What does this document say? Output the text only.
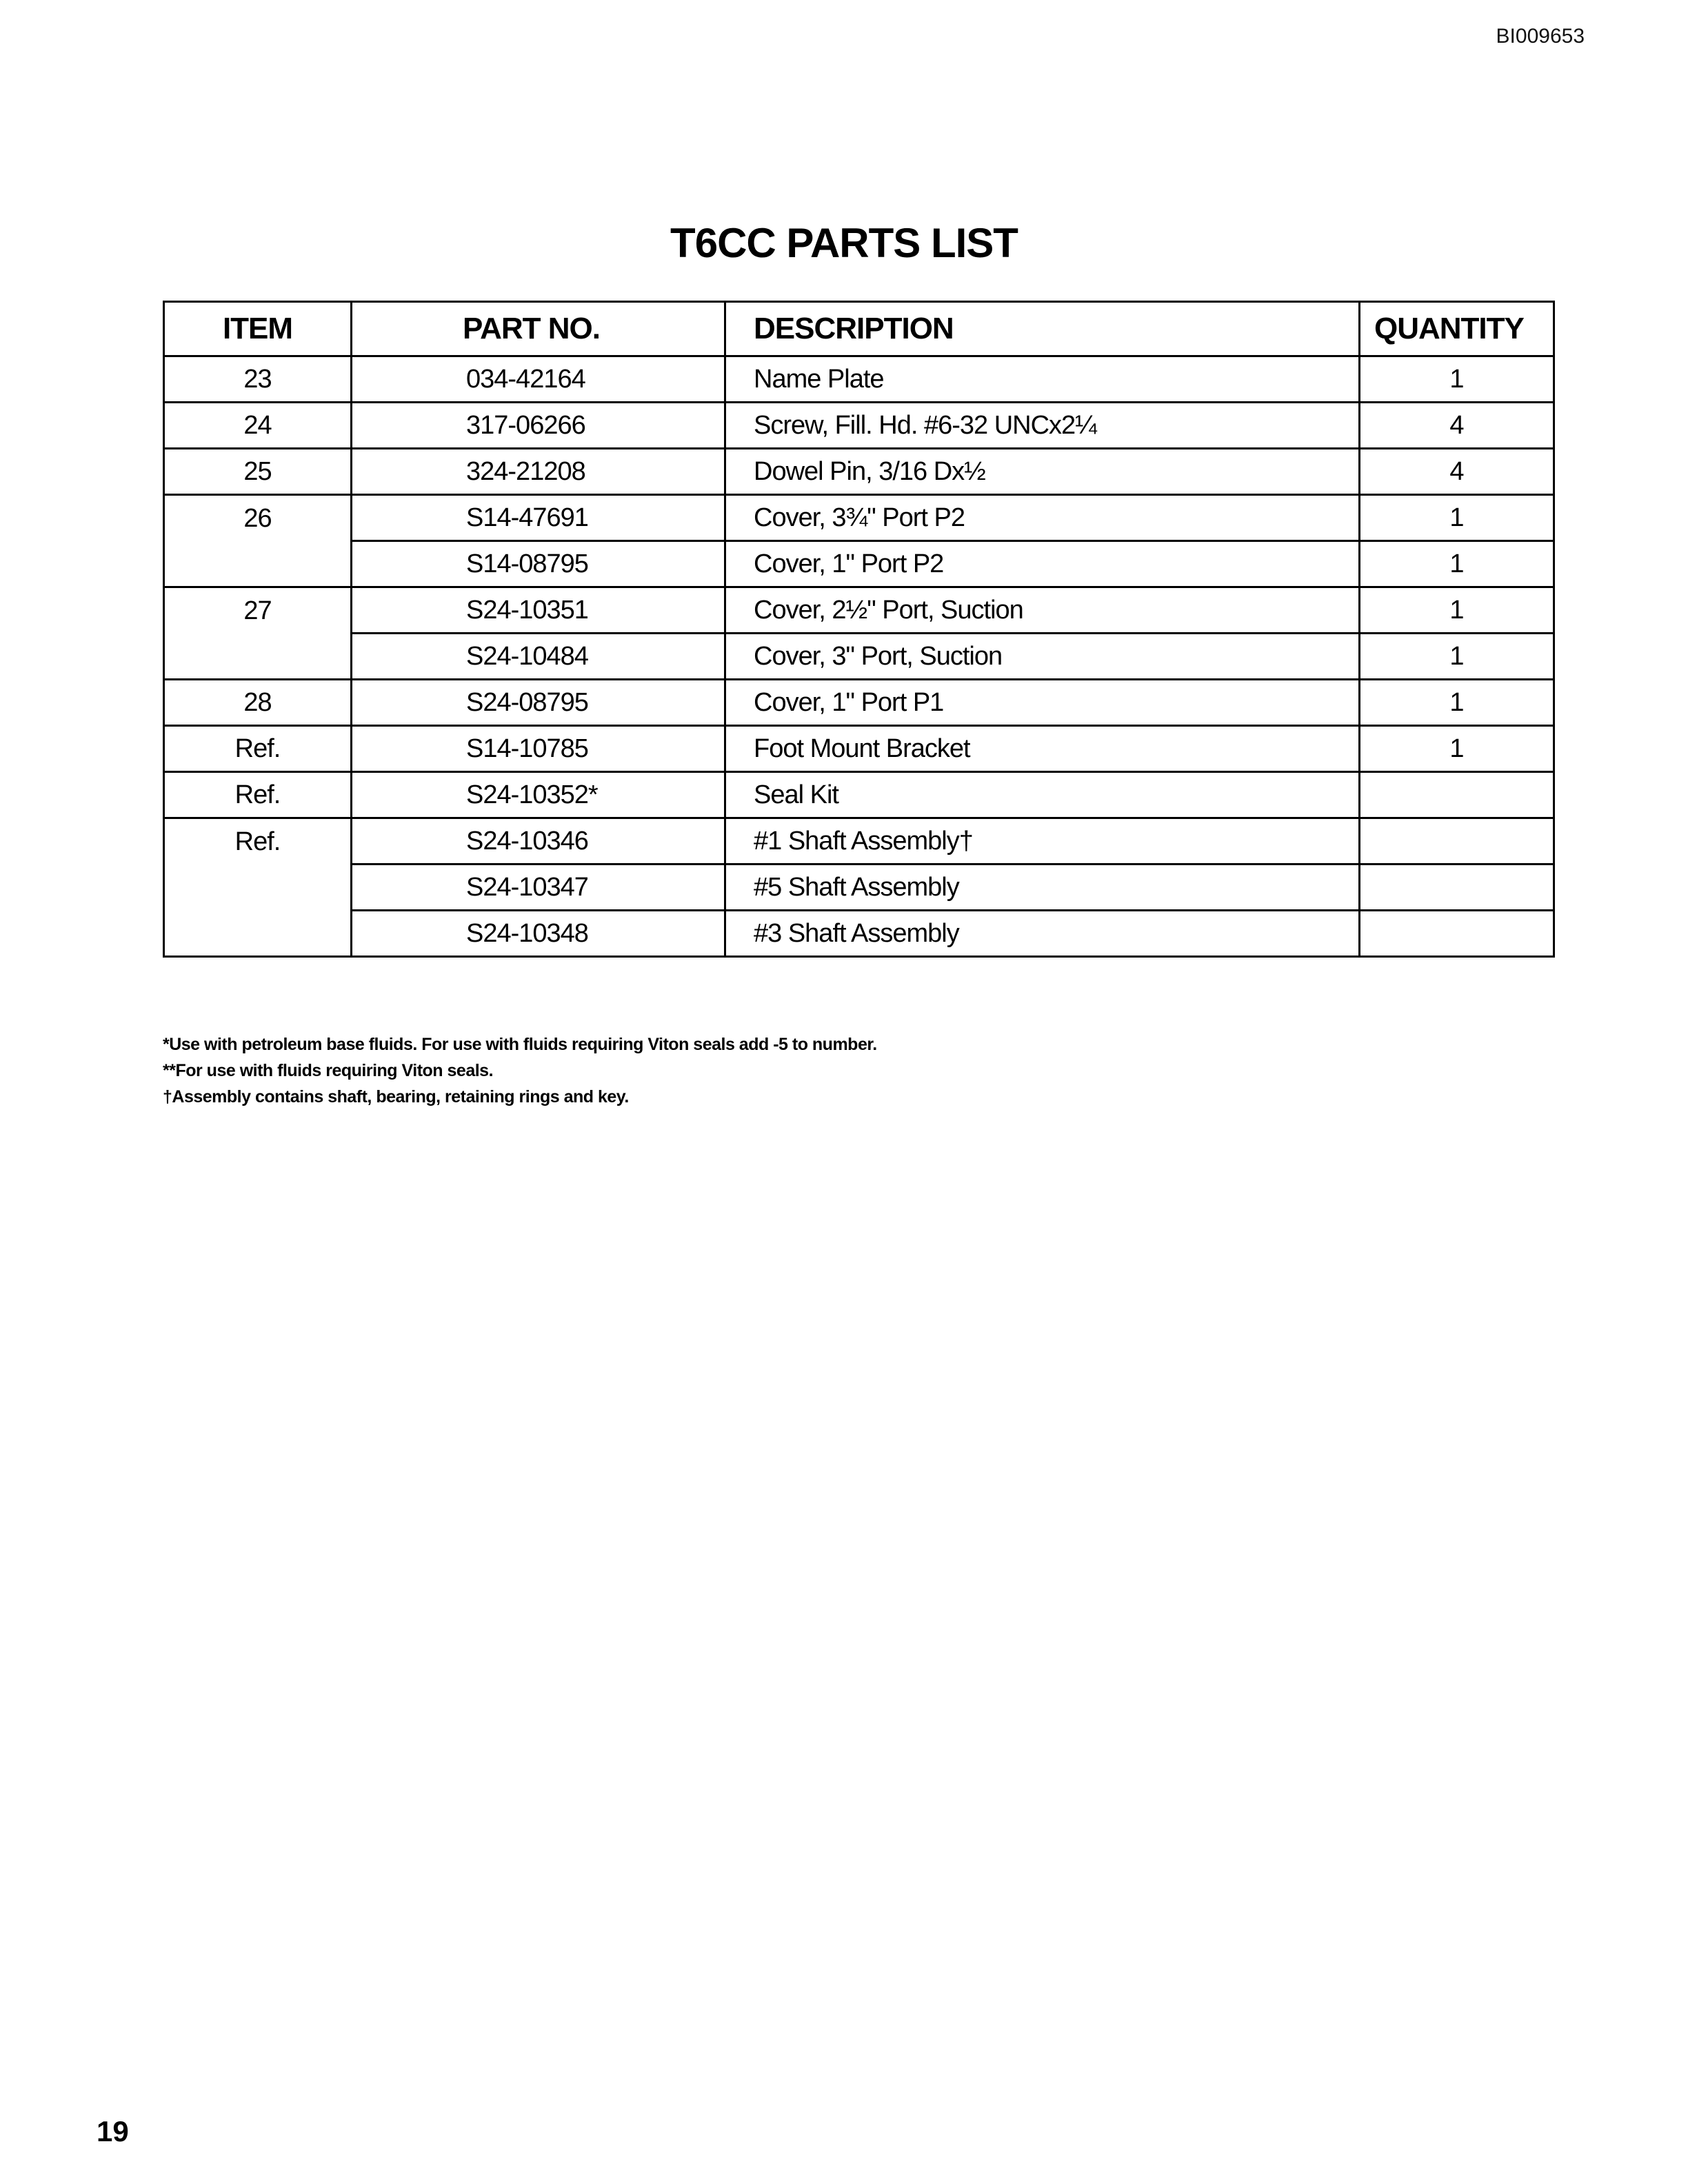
BI009653
T6CC PARTS LIST
ITEM	PART NO.	DESCRIPTION	QUANTITY
23	034-42164	Name Plate	1
24	317-06266	Screw, Fill. Hd. #6-32 UNCx2¼	4
25	324-21208	Dowel Pin, 3/16 Dx½	4
26	S14-47691	Cover, 3¾" Port P2	1
	S14-08795	Cover, 1" Port P2	1
27	S24-10351	Cover, 2½" Port, Suction	1
	S24-10484	Cover, 3" Port, Suction	1
28	S24-08795	Cover, 1" Port P1	1
Ref.	S14-10785	Foot Mount Bracket	1
Ref.	S24-10352*	Seal Kit	
Ref.	S24-10346	#1 Shaft Assembly†	
	S24-10347	#5 Shaft Assembly	
	S24-10348	#3 Shaft Assembly	
*Use with petroleum base fluids. For use with fluids requiring Viton seals add -5 to number.
**For use with fluids requiring Viton seals.
†Assembly contains shaft, bearing, retaining rings and key.
19
